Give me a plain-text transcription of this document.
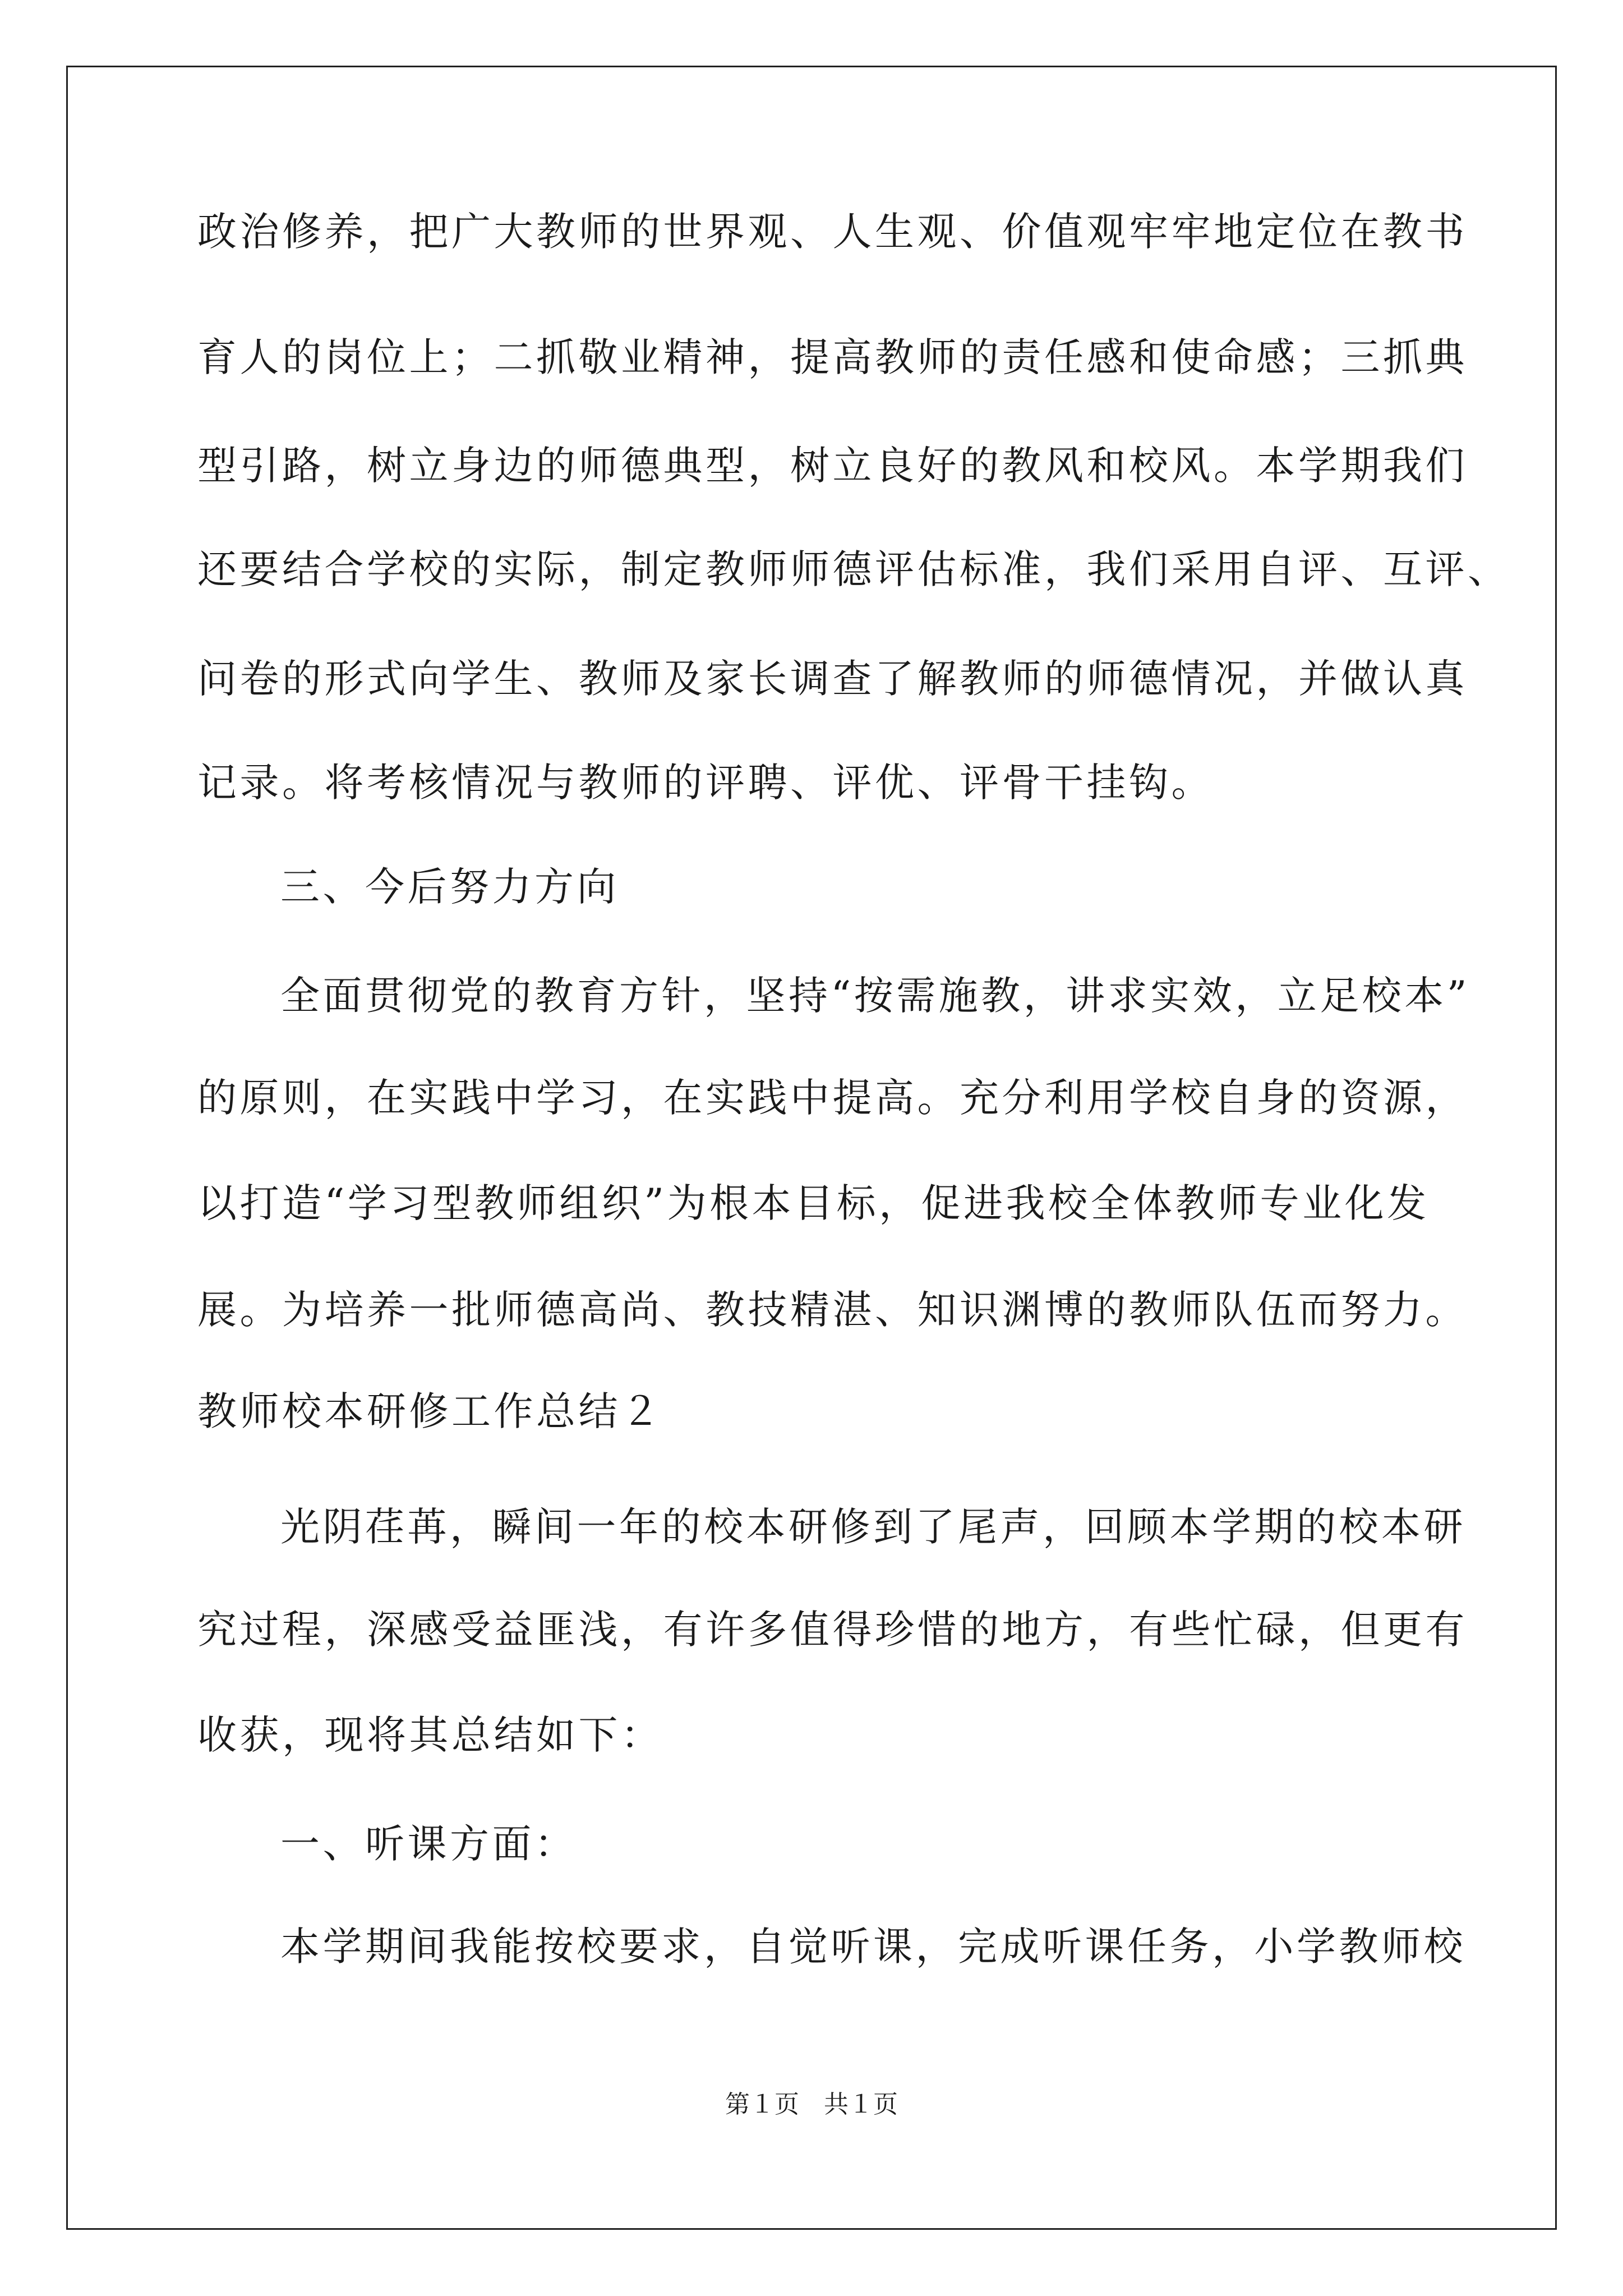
政治修养，把广大教师的世界观、人生观、价值观牢牢地定位在教书
育人的岗位上；二抓敬业精神，提高教师的责任感和使命感；三抓典
型引路，树立身边的师德典型，树立良好的教风和校风。本学期我们
还要结合学校的实际，制定教师师德评估标准，我们采用自评、互评、
问卷的形式向学生、教师及家长调查了解教师的师德情况，并做认真
记录。将考核情况与教师的评聘、评优、评骨干挂钩。
三、今后努力方向
全面贯彻党的教育方针，坚持“按需施教，讲求实效，立足校本”
的原则，在实践中学习，在实践中提高。充分利用学校自身的资源，
以打造“学习型教师组织”为根本目标，促进我校全体教师专业化发
展。为培养一批师德高尚、教技精湛、知识渊博的教师队伍而努力。
教师校本研修工作总结２
光阴荏苒，瞬间一年的校本研修到了尾声，回顾本学期的校本研
究过程，深感受益匪浅，有许多值得珍惜的地方，有些忙碌，但更有
收获，现将其总结如下：
一、听课方面：
本学期间我能按校要求，自觉听课，完成听课任务，小学教师校
第１页 共１页
